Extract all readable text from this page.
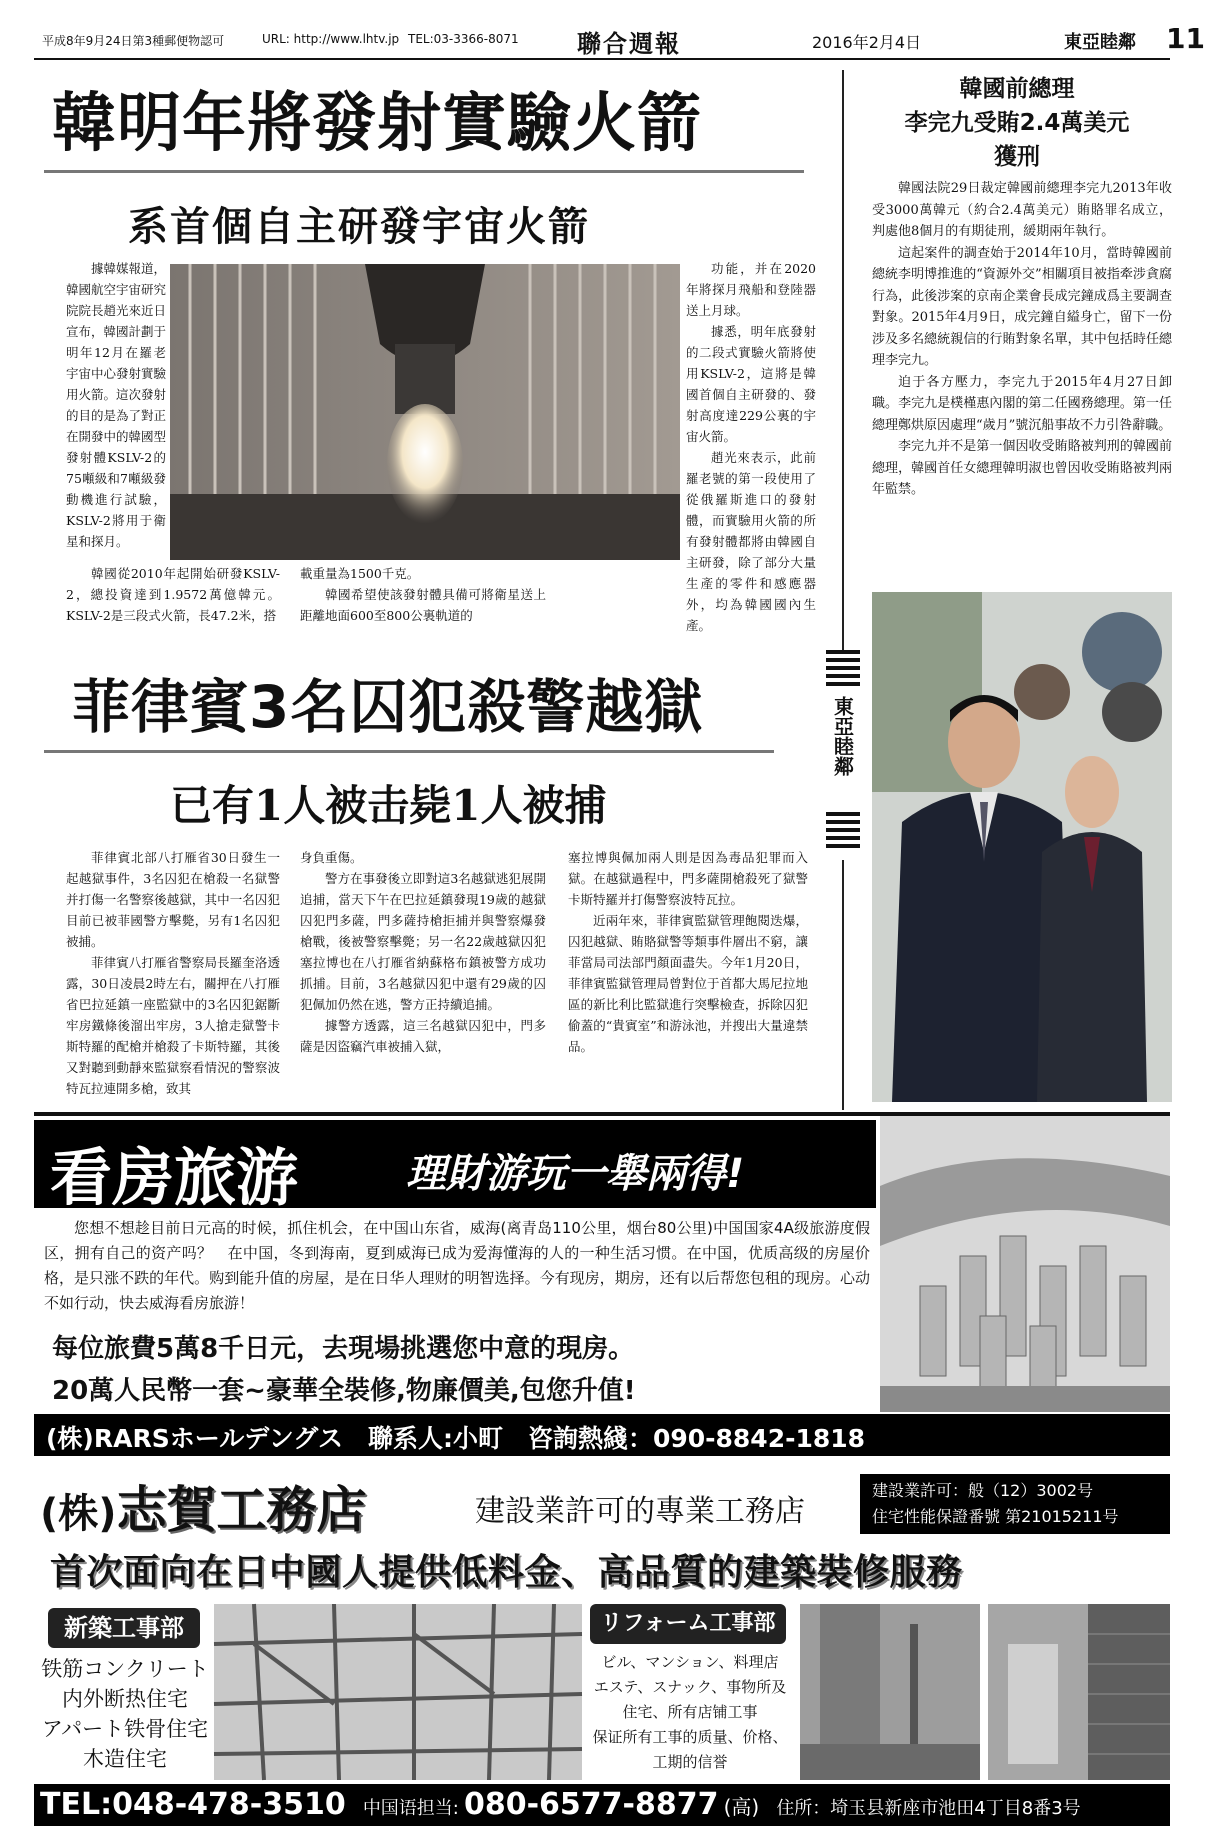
平成8年9月24日第3種郵便物認可	URL: http://www.lhtv.jp TEL:03-3366-8071 聯合週報	2016年2月4日	東亞睦鄰 11
韓明年將發射實驗火箭
系首個自主研發宇宙火箭

據韓媒報道，韓國航空宇宙研究院院長趙光來近日宣布，韓國計劃于明年12月在羅老宇宙中心發射實驗用火箭。這次發射的目的是為了對正在開發中的韓國型發射體KSLV-2的75噸級和7噸級發動機進行試驗，KSLV-2將用于衛星和探月。

功能，并在2020年將探月飛船和登陸器送上月球。

據悉，明年底發射的二段式實驗火箭將使用KSLV-2，這將是韓國首個自主研發的、發射高度達229公裏的宇宙火箭。

趙光來表示，此前羅老號的第一段使用了從俄羅斯進口的發射體，而實驗用火箭的所有發射體都將由韓國自主研發，除了部分大量生產的零件和感應器外，均為韓國國內生產。

韓國從2010年起開始研發KSLV-2，總投資達到1.9572萬億韓元。KSLV-2是三段式火箭，長47.2米，搭

載重量為1500千克。

韓國希望使該發射體具備可將衛星送上距離地面600至800公裏軌道的

菲律賓3名囚犯殺警越獄
已有1人被击毙1人被捕

菲律賓北部八打雁省30日發生一起越獄事件，3名囚犯在槍殺一名獄警并打傷一名警察後越獄，其中一名囚犯目前已被菲國警方擊斃，另有1名囚犯被捕。

菲律賓八打雁省警察局長羅奎洛透露，30日凌晨2時左右，關押在八打雁省巴拉延鎮一座監獄中的3名囚犯鋸斷牢房鐵條後溜出牢房，3人搶走獄警卡斯特羅的配槍并槍殺了卡斯特羅，其後又對聽到動靜來監獄察看情況的警察波特瓦拉連開多槍，致其

身負重傷。

警方在事發後立即對這3名越獄逃犯展開追捕，當天下午在巴拉延鎮發現19歲的越獄囚犯門多薩，門多薩持槍拒捕并與警察爆發槍戰，後被警察擊斃；另一名22歲越獄囚犯塞拉博也在八打雁省納蘇格布鎮被警方成功抓捕。目前，3名越獄囚犯中還有29歲的囚犯佩加仍然在逃，警方正持續追捕。

據警方透露，這三名越獄囚犯中，門多薩是因盜竊汽車被捕入獄，

塞拉博與佩加兩人則是因為毒品犯罪而入獄。在越獄過程中，門多薩開槍殺死了獄警卡斯特羅并打傷警察波特瓦拉。

近兩年來，菲律賓監獄管理飽閱迭爆，囚犯越獄、賄賂獄警等類事件層出不窮，讓菲當局司法部門顏面盡失。今年1月20日，菲律賓監獄管理局曾對位于首都大馬尼拉地區的新比利比監獄進行突擊檢查，拆除囚犯偷蓋的“貴賓室”和游泳池，并搜出大量違禁品。

東亞睦鄰
韓國前總理
李完九受賄2.4萬美元
獲刑

韓國法院29日裁定韓國前總理李完九2013年收受3000萬韓元（約合2.4萬美元）賄賂罪名成立，判處他8個月的有期徒刑，緩期兩年執行。

這起案件的調查始于2014年10月，當時韓國前總統李明博推進的“資源外交”相關項目被指牽涉貪腐行為，此後涉案的京南企業會長成完鐘成爲主要調查對象。2015年4月9日，成完鐘自縊身亡，留下一份涉及多名總統親信的行賄對象名單，其中包括時任總理李完九。

迫于各方壓力，李完九于2015年4月27日卸職。李完九是樸槿惠內閣的第二任國務總理。第一任總理鄭烘原因處理“歲月”號沉船事故不力引咎辭職。

李完九并不是第一個因收受賄賂被判刑的韓國前總理，韓國首任女總理韓明淑也曾因收受賄賂被判兩年監禁。

看房旅游	理財游玩一舉兩得!

您想不想趁目前日元高的时候，抓住机会，在中国山东省，威海(离青岛110公里，烟台80公里)中国国家4A级旅游度假区，拥有自己的资产吗？　在中国，冬到海南，夏到威海已成为爱海懂海的人的一种生活习惯。在中国，优质高级的房屋价格，是只涨不跌的年代。购到能升值的房屋，是在日华人理财的明智选择。今有现房，期房，还有以后帮您包租的现房。心动不如行动，快去威海看房旅游！

每位旅費5萬8千日元，去現場挑選您中意的現房。
20萬人民幣一套~豪華全裝修,物廉價美,包您升值!
(株)RARSホールデングス　聯系人:小町　咨詢熱綫：090-8842-1818
(株)志賀工務店	建設業許可的專業工務店
建設業許可：般（12）3002号
住宅性能保證番號 第21015211号
首次面向在日中國人提供低料金、高品質的建築裝修服務
新築工事部
铁筋コンクリート
内外断热住宅
アパート铁骨住宅
木造住宅
リフォーム工事部
ビル、マンション、料理店
エステ、スナック、事物所及
住宅、所有店铺工事
保证所有工事的质量、价格、
工期的信誉
TEL:048-478-3510 中国语担当: 080-6577-8877 (高) 住所：埼玉县新座市池田4丁目8番3号
